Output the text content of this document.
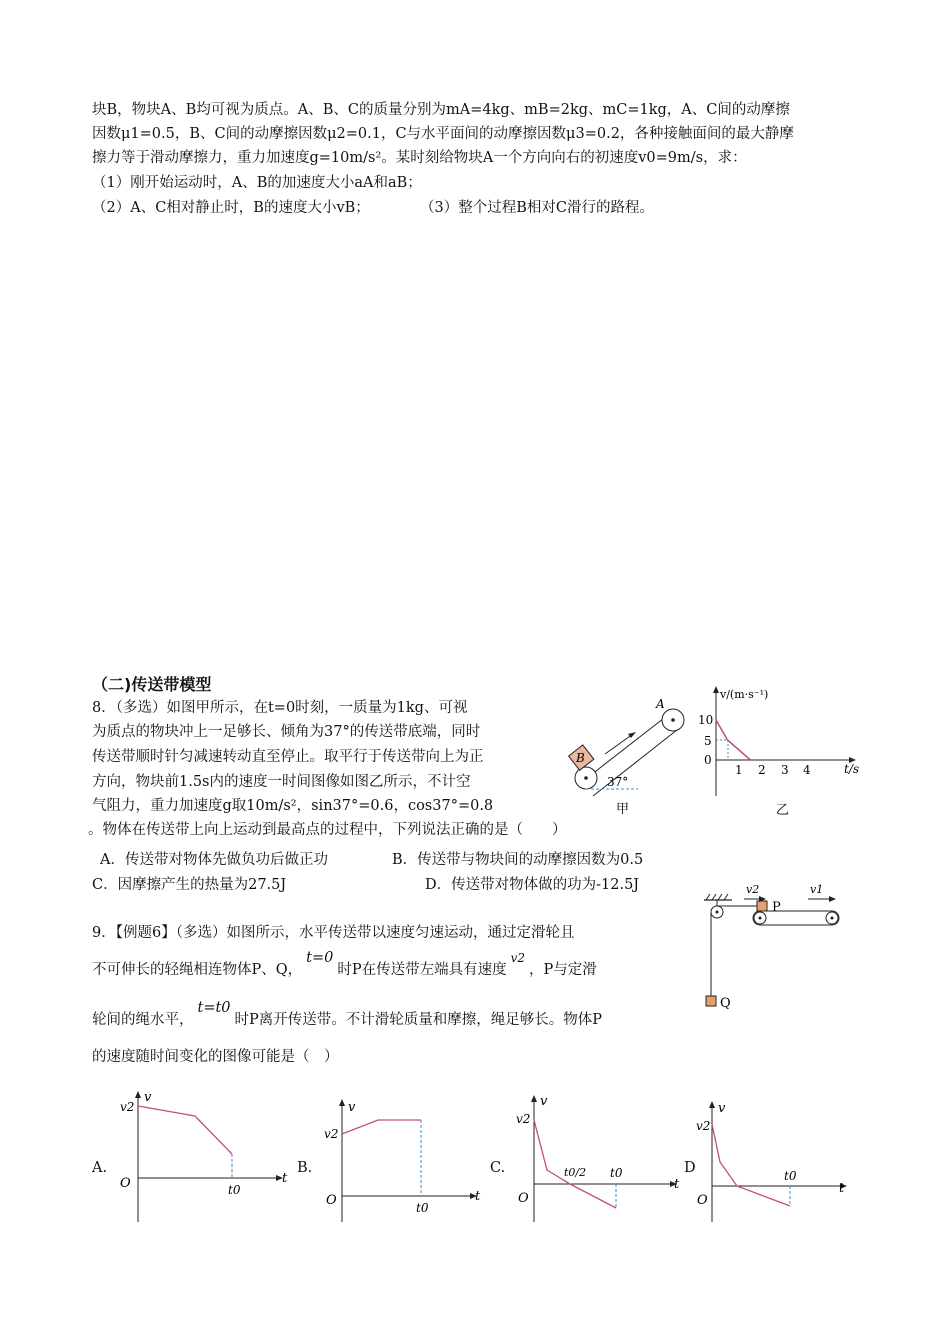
块B，物块A、B均可视为质点。A、B、C的质量分别为mA=4kg、mB=2kg、mC=1kg，A、C间的动摩擦
因数μ1=0.5，B、C间的动摩擦因数μ2=0.1，C与水平面间的动摩擦因数μ3=0.2，各种接触面间的最大静摩
擦力等于滑动摩擦力，重力加速度g=10m/s²。某时刻给物块A一个方向向右的初速度v0=9m/s，求：
（1）刚开始运动时，A、B的加速度大小aA和aB；
（2）A、C相对静止时，B的速度大小vB；	（3）整个过程B相对C滑行的路程。
（二)传送带模型
8．（多选）如图甲所示，在t=0时刻，一质量为1kg、可视
为质点的物块冲上一足够长、倾角为37°的传送带底端，同时
传送带顺时针匀减速转动直至停止。取平行于传送带向上为正
方向，物块前1.5s内的速度一时间图像如图乙所示，不计空
气阻力，重力加速度g取10m/s²，sin37°=0.6，cos37°=0.8
。物体在传送带上向上运动到最高点的过程中，下列说法正确的是（　　）
A．传送带对物体先做负功后做正功	B．传送带与物块间的动摩擦因数为0.5
C．因摩擦产生的热量为27.5J	D．传送带对物体做的功为-12.5J
B
A
37°
甲
v/(m·s⁻¹)
t/s
10
5
0
1 2 3 4
乙
9．【例题6】（多选）如图所示，水平传送带以速度匀速运动，通过定滑轮且
不可伸长的轻绳相连物体P、Q，t=0时P在传送带左端具有速度$^{v2}$，P与定滑
轮间的绳水平，t=t0时P离开传送带。不计滑轮质量和摩擦，绳足够长。物体P
的速度随时间变化的图像可能是（　）
Q
P
v2	v1
A.
v
v2
O	t
t0
B.
v
v2
O	t
t0
C.
v
v2
O
t
t0/2 t0	D
v
v2
O
t
t0
